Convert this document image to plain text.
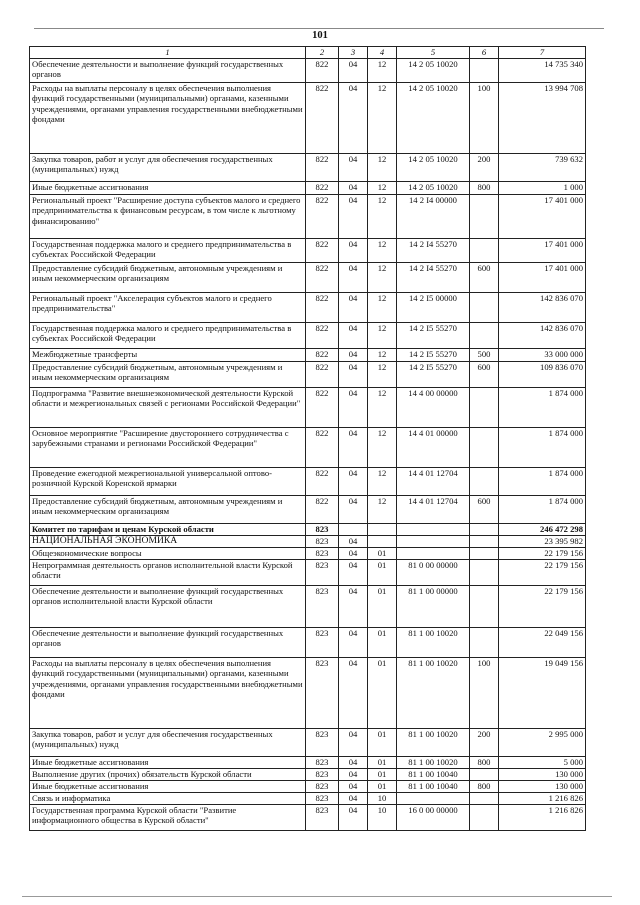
101
1	2	3	4	5	6	7
Обеспечение деятельности и выполнение функций государственных органов	822	04	12	14 2 05 10020		14 735 340
Расходы на выплаты персоналу в целях обеспечения выполнения функций государственными (муниципальными) органами, казенными учреждениями, органами управления государственными внебюджетными фондами	822	04	12	14 2 05 10020	100	13 994 708
Закупка товаров, работ и услуг для обеспечения государственных (муниципальных) нужд	822	04	12	14 2 05 10020	200	739 632
Иные бюджетные ассигнования	822	04	12	14 2 05 10020	800	1 000
Региональный проект "Расширение доступа субъектов малого и среднего предпринимательства к финансовым ресурсам, в том числе к льготному финансированию"	822	04	12	14 2 I4 00000		17 401 000
Государственная поддержка малого и среднего предпринимательства в субъектах Российской Федерации	822	04	12	14 2 I4 55270		17 401 000
Предоставление субсидий бюджетным, автономным учреждениям и иным некоммерческим организациям	822	04	12	14 2 I4 55270	600	17 401 000
Региональный проект "Акселерация субъектов малого и среднего предпринимательства"	822	04	12	14 2 I5 00000		142 836 070
Государственная поддержка малого и среднего предпринимательства в субъектах Российской Федерации	822	04	12	14 2 I5 55270		142 836 070
Межбюджетные трансферты	822	04	12	14 2 I5 55270	500	33 000 000
Предоставление субсидий бюджетным, автономным учреждениям и иным некоммерческим организациям	822	04	12	14 2 I5 55270	600	109 836 070
Подпрограмма "Развитие внешнеэкономической деятельности Курской области и межрегиональных связей с регионами Российской Федерации"	822	04	12	14 4 00 00000		1 874 000
Основное мероприятие "Расширение двустороннего сотрудничества с зарубежными странами и регионами Российской Федерации"	822	04	12	14 4 01 00000		1 874 000
Проведение ежегодной межрегиональной универсальной оптово-розничной Курской Коренской ярмарки	822	04	12	14 4 01 12704		1 874 000
Предоставление субсидий бюджетным, автономным учреждениям и иным некоммерческим организациям	822	04	12	14 4 01 12704	600	1 874 000
Комитет по тарифам и ценам Курской области	823					246 472 298
НАЦИОНАЛЬНАЯ ЭКОНОМИКА	823	04				23 395 982
Общеэкономические вопросы	823	04	01			22 179 156
Непрограммная деятельность органов исполнительной власти Курской области	823	04	01	81 0 00 00000		22 179 156
Обеспечение деятельности и выполнение функций государственных органов исполнительной власти Курской области	823	04	01	81 1 00 00000		22 179 156
Обеспечение деятельности и выполнение функций государственных органов	823	04	01	81 1 00 10020		22 049 156
Расходы на выплаты персоналу в целях обеспечения выполнения функций государственными (муниципальными) органами, казенными учреждениями, органами управления государственными внебюджетными фондами	823	04	01	81 1 00 10020	100	19 049 156
Закупка товаров, работ и услуг для обеспечения государственных (муниципальных) нужд	823	04	01	81 1 00 10020	200	2 995 000
Иные бюджетные ассигнования	823	04	01	81 1 00 10020	800	5 000
Выполнение других (прочих) обязательств Курской области	823	04	01	81 1 00 10040		130 000
Иные бюджетные ассигнования	823	04	01	81 1 00 10040	800	130 000
Связь и информатика	823	04	10			1 216 826
Государственная программа Курской области "Развитие информационного общества в Курской области"	823	04	10	16 0 00 00000		1 216 826
